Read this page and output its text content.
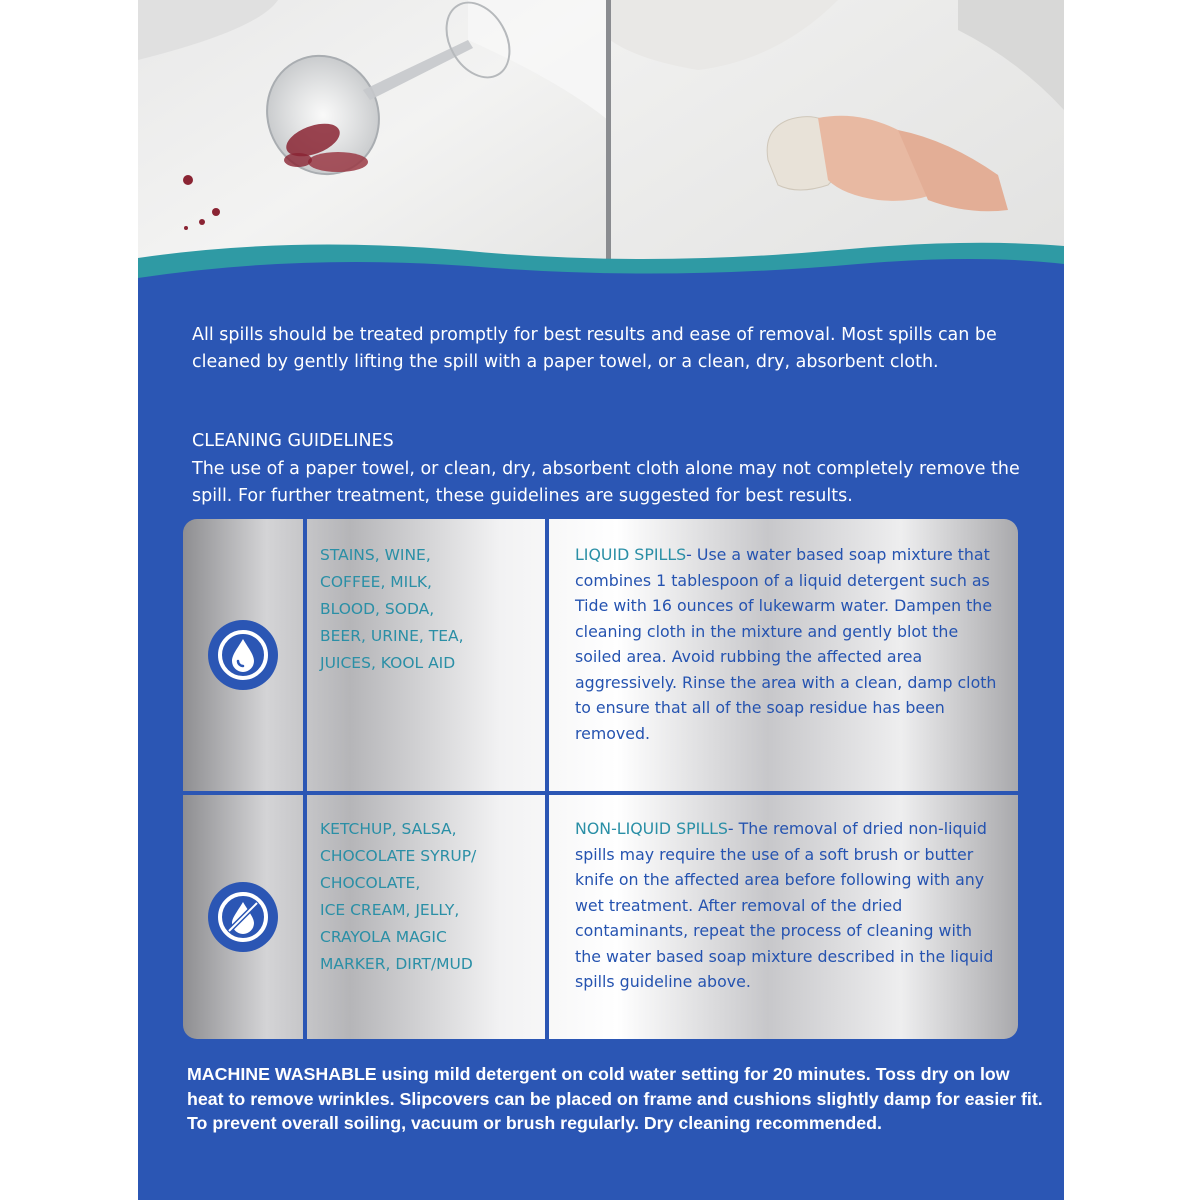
All spills should be treated promptly for best results and ease of removal. Most spills can be cleaned by gently lifting the spill with a paper towel, or a clean, dry, absorbent cloth.

CLEANING GUIDELINES

The use of a paper towel, or clean, dry, absorbent cloth alone may not completely remove the spill. For further treatment, these guidelines are suggested for best results.

STAINS, WINE,
COFFEE, MILK,
BLOOD, SODA,
BEER, URINE, TEA,
JUICES, KOOL AID

LIQUID SPILLS- Use a water based soap mixture that combines 1 tablespoon of a liquid detergent such as Tide with 16 ounces of lukewarm water. Dampen the cleaning cloth in the mixture and gently blot the soiled area. Avoid rubbing the affected area aggressively. Rinse the area with a clean, damp cloth to ensure that all of the soap residue has been removed.

KETCHUP, SALSA,
CHOCOLATE SYRUP/
CHOCOLATE,
ICE CREAM, JELLY,
CRAYOLA MAGIC
MARKER, DIRT/MUD

NON-LIQUID SPILLS- The removal of dried non-liquid spills may require the use of a soft brush or butter knife on the affected area before following with any wet treatment. After removal of the dried contaminants, repeat the process of cleaning with the water based soap mixture described in the liquid spills guideline above.

MACHINE WASHABLE using mild detergent on cold water setting for 20 minutes. Toss dry on low heat to remove wrinkles. Slipcovers can be placed on frame and cushions slightly damp for easier fit. To prevent overall soiling, vacuum or brush regularly. Dry cleaning recommended.
